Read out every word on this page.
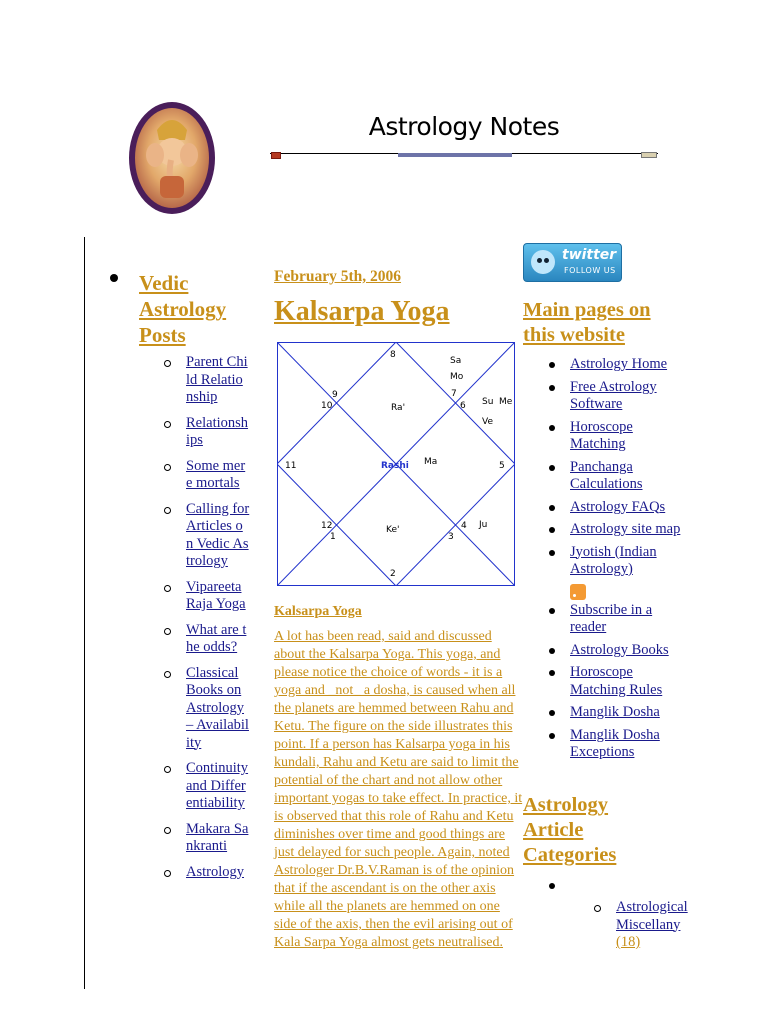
Astrology Notes
Vedic Astrology Posts
Parent Child Relationship
Relationships
Some mere mortals
Calling for Articles on Vedic Astrology
Vipareeta Raja Yoga
What are the odds?
Classical Books on Astrology – Availability
Continuity and Differentiability
Makara Sankranti
Astrology
February 5th, 2006
Kalsarpa Yoga
8
9
10	6
7
11	5
12
1	3
4
2
Sa
Mo
Su Me
Ve
Ra'
Ma
Ke'	Ju
Rashi
Kalsarpa Yoga
A lot has been read, said and discussed about the Kalsarpa Yoga. This yoga, and please notice the choice of words - it is a yoga and _not_ a dosha, is caused when all the planets are hemmed between Rahu and Ketu. The figure on the side illustrates this point. If a person has Kalsarpa yoga in his kundali, Rahu and Ketu are said to limit the potential of the chart and not allow other important yogas to take effect. In practice, it is observed that this role of Rahu and Ketu diminishes over time and good things are just delayed for such people. Again, noted Astrologer Dr.B.V.Raman is of the opinion that if the ascendant is on the other axis while all the planets are hemmed on one side of the axis, then the evil arising out of Kala Sarpa Yoga almost gets neutralised.
twitter
FOLLOW US
Main pages on this website
Astrology Home
Free Astrology Software
Horoscope Matching
Panchanga Calculations
Astrology FAQs
Astrology site map
Jyotish (Indian Astrology)
Subscribe in a reader
Astrology Books
Horoscope Matching Rules
Manglik Dosha
Manglik Dosha Exceptions
Astrology Article Categories
Astrological Miscellany (18)
